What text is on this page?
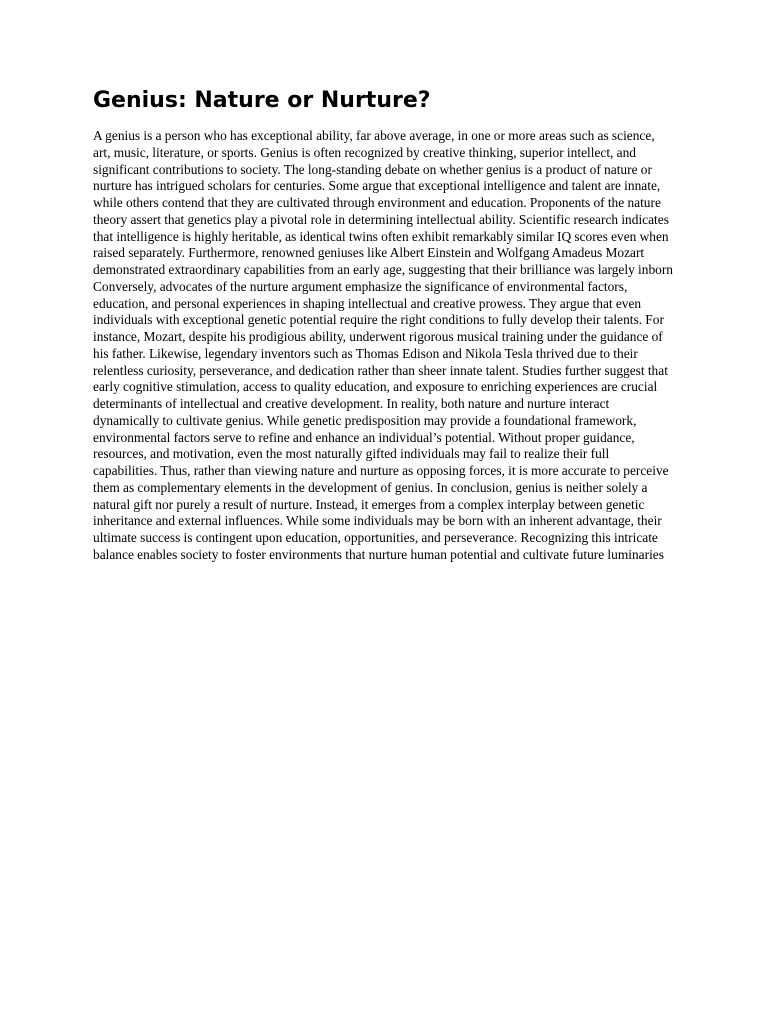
Genius: Nature or Nurture?

A genius is a person who has exceptional ability, far above average, in one or more areas such as science, art, music, literature, or sports. Genius is often recognized by creative thinking, superior intellect, and significant contributions to society. The long-standing debate on whether genius is a product of nature or nurture has intrigued scholars for centuries. Some argue that exceptional intelligence and talent are innate, while others contend that they are cultivated through environment and education. Proponents of the nature theory assert that genetics play a pivotal role in determining intellectual ability. Scientific research indicates that intelligence is highly heritable, as identical twins often exhibit remarkably similar IQ scores even when raised separately. Furthermore, renowned geniuses like Albert Einstein and Wolfgang Amadeus Mozart demonstrated extraordinary capabilities from an early age, suggesting that their brilliance was largely inborn Conversely, advocates of the nurture argument emphasize the significance of environmental factors, education, and personal experiences in shaping intellectual and creative prowess. They argue that even individuals with exceptional genetic potential require the right conditions to fully develop their talents. For instance, Mozart, despite his prodigious ability, underwent rigorous musical training under the guidance of his father. Likewise, legendary inventors such as Thomas Edison and Nikola Tesla thrived due to their relentless curiosity, perseverance, and dedication rather than sheer innate talent. Studies further suggest that early cognitive stimulation, access to quality education, and exposure to enriching experiences are crucial determinants of intellectual and creative development. In reality, both nature and nurture interact dynamically to cultivate genius. While genetic predisposition may provide a foundational framework, environmental factors serve to refine and enhance an individual’s potential. Without proper guidance, resources, and motivation, even the most naturally gifted individuals may fail to realize their full capabilities. Thus, rather than viewing nature and nurture as opposing forces, it is more accurate to perceive them as complementary elements in the development of genius. In conclusion, genius is neither solely a natural gift nor purely a result of nurture. Instead, it emerges from a complex interplay between genetic inheritance and external influences. While some individuals may be born with an inherent advantage, their ultimate success is contingent upon education, opportunities, and perseverance. Recognizing this intricate balance enables society to foster environments that nurture human potential and cultivate future luminaries
